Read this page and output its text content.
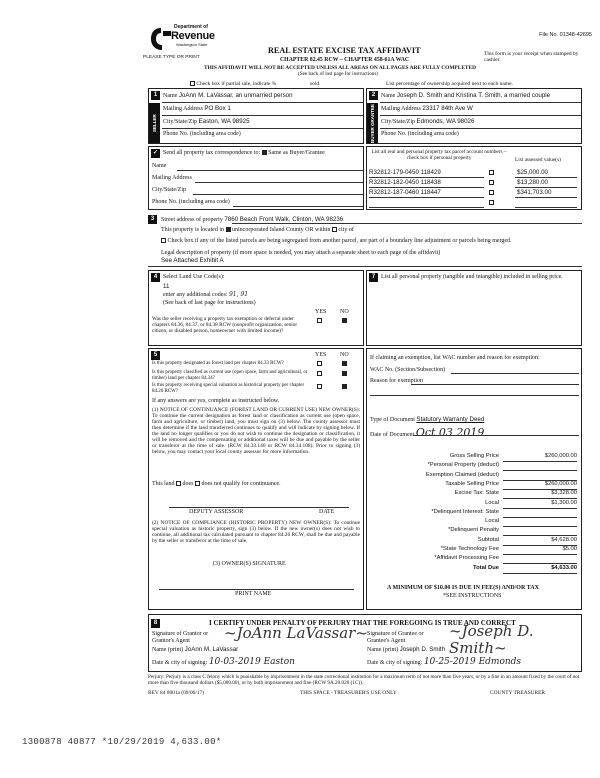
File No. 01348-42695
Department of
Revenue
Washington State
PLEASE TYPE OR PRINT
REAL ESTATE EXCISE TAX AFFIDAVIT
CHAPTER 82.45 RCW – CHAPTER 458-61A WAC
THIS AFFIDAVIT WILL NOT BE ACCEPTED UNLESS ALL AREAS ON ALL PAGES ARE FULLY COMPLETED
(See back of last page for instructions)
This form is your receipt when stamped by cashier.
Check box if partial sale, indicate %	sold.	List percentage of ownership acquired next to each name.
1
SELLER GRANTOR
Name JoAnn M. LaVassar, an unmarried person
Mailing Address PO Box 1
City/State/Zip Easton, WA 98925
Phone No. (including area code)
2
BUYER GRANTEE
Name Joseph D. Smith and Kristina T. Smith, a married couple
Mailing Address 23317 84th Ave W
City/State/Zip Edmonds, WA 98026
Phone No. (including area code)
✓ Send all property tax correspondence to: Same as Buyer/Grantee
Name
Mailing Address
City/State/Zip
Phone No. (including area code)
List all real and personal property tax parcel account numbers – check box if personal property	List assessed value(s)
R32812-179-0450 118429	$25,000.00
R32812-182-0450 118438	$13,280.00
R32812-187-0460 118447	$341,703.00
3	Street address of property 7860 Beach Front Walk, Clinton, WA 98236
This property is located in unincorporated Island County OR within city of
Check box if any of the listed parcels are being segregated from another parcel, are part of a boundary line adjustment or parcels being merged.
Legal description of property (if more space is needed, you may attach a separate sheet to each page of the affidavit)
See Attached Exhibit A
4 Select Land Use Code(s):
11
enter any additional codes: 91, 91
(See back of last page for instructions)
YES NO
Was the seller receiving a property tax exemption or deferral under chapters 84.36, 84.37, or 84.38 RCW (nonprofit organization, senior citizen, or disabled person, homeowner with limited income)?
7 List all personal property (tangible and intangible) included in selling price.
5	YES NO
Is this property designated as forest land per chapter 84.33 RCW?
Is this property classified as current use (open space, farm and agricultural, or timber) land per chapter 84.34?
Is this property receiving special valuation as historical property per chapter 84.26 RCW?
If any answers are yes, complete as instructed below.
(1) NOTICE OF CONTINUANCE (FOREST LAND OR CURRENT USE) NEW OWNER(S): To continue the current designation as forest land or classification as current use (open space, farm and agriculture, or timber) land, you must sign on (3) below. The county assessor must then determine if the land transferred continues to qualify and will indicate by signing below. If the land no longer qualifies or you do not wish to continue the designation or classification, it will be removed and the compensating or additional taxes will be due and payable by the seller or transferor at the time of sale. (RCW 84.33.140 or RCW 84.34.108). Prior to signing (3) below, you may contact your local county assessor for more information.
This land does does not qualify for continuance.
DEPUTY ASSESSOR	DATE
(2) NOTICE OF COMPLIANCE (HISTORIC PROPERTY) NEW OWNER(S): To continue special valuation as historic property, sign (3) below. If the new owner(s) does not wish to continue, all additional tax calculated pursuant to chapter 84.26 RCW, shall be due and payable by the seller or transferor at the time of sale.
(3) OWNER(S) SIGNATURE
PRINT NAME
If claiming an exemption, list WAC number and reason for exemption:
WAC No. (Section/Subsection)
Reason for exemption
Type of Document Statutory Warranty Deed
Date of Document Oct 03 2019
Gross Selling Price	$260,000.00
*Personal Property (deduct)
Exemption Claimed (deduct)
Taxable Selling Price	$260,000.00
Excise Tax: State	$3,328.00
Local	$1,300.00
*Delinquent Interest: State
Local
*Delinquent Penalty
Subtotal	$4,628.00
*State Technology Fee	$5.00
*Affidavit Processing Fee
Total Due	$4,633.00
A MINIMUM OF $10.00 IS DUE IN FEE(S) AND/OR TAX
*SEE INSTRUCTIONS
8	I CERTIFY UNDER PENALTY OF PERJURY THAT THE FOREGOING IS TRUE AND CORRECT
Signature of Grantor or Grantor's Agent	~JoAnn LaVassar~
Name (print) JoAnn M. LaVassar
Date & city of signing: 10-03-2019 Easton
Signature of Grantee or Grantee's Agent
~Joseph D. Smith~
Name (print) Joseph D. Smith
Date & city of signing: 10-25-2019 Edmonds
Perjury: Perjury is a class C felony which is punishable by imprisonment in the state correctional institution for a maximum term of not more than five years, or by a fine in an amount fixed by the court of not more than five thousand dollars ($5,000.00), or by both imprisonment and fine (RCW 9A.20.020 (1C)).
REV 84 0001a (09/06/17)	THIS SPACE - TREASURER'S USE ONLY	COUNTY TREASURER
1300878 40877 *10/29/2019 4,633.00*
